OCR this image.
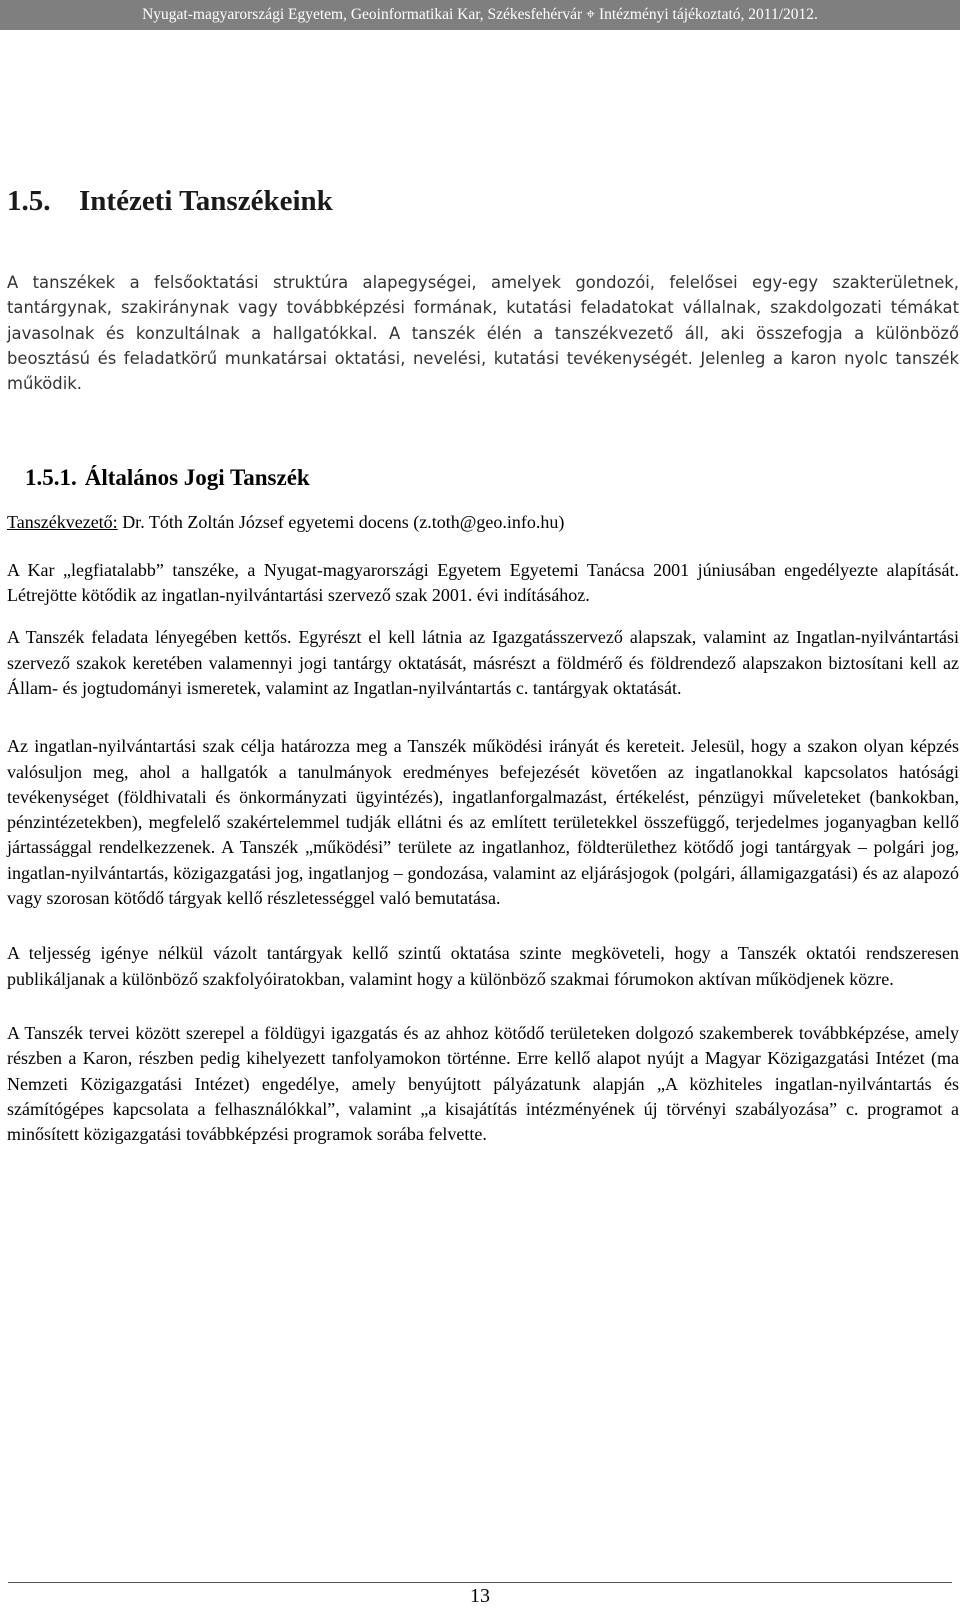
Nyugat-magyarországi Egyetem, Geoinformatikai Kar, Székesfehérvár ⌖ Intézményi tájékoztató, 2011/2012.
1.5. Intézeti Tanszékeink

A tanszékek a felsőoktatási struktúra alapegységei, amelyek gondozói, felelősei egy-egy szakterületnek, tantárgynak, szakiránynak vagy továbbképzési formának, kutatási feladatokat vállalnak, szakdolgozati témákat javasolnak és konzultálnak a hallgatókkal. A tanszék élén a tanszékvezető áll, aki összefogja a különböző beosztású és feladatkörű munkatársai oktatási, nevelési, kutatási tevékenységét. Jelenleg a karon nyolc tanszék működik.

1.5.1. Általános Jogi Tanszék

Tanszékvezető: Dr. Tóth Zoltán József egyetemi docens (z.toth@geo.info.hu)

A Kar „legfiatalabb” tanszéke, a Nyugat-magyarországi Egyetem Egyetemi Tanácsa 2001 júniusában engedélyezte alapítását. Létrejötte kötődik az ingatlan-nyilvántartási szervező szak 2001. évi indításához.

A Tanszék feladata lényegében kettős. Egyrészt el kell látnia az Igazgatásszervező alapszak, valamint az Ingatlan-nyilvántartási szervező szakok keretében valamennyi jogi tantárgy oktatását, másrészt a földmérő és földrendező alapszakon biztosítani kell az Állam- és jogtudományi ismeretek, valamint az Ingatlan-nyilvántartás c. tantárgyak oktatását.

Az ingatlan-nyilvántartási szak célja határozza meg a Tanszék működési irányát és kereteit. Jelesül, hogy a szakon olyan képzés valósuljon meg, ahol a hallgatók a tanulmányok eredményes befejezését követően az ingatlanokkal kapcsolatos hatósági tevékenységet (földhivatali és önkormányzati ügyintézés), ingatlanforgalmazást, értékelést, pénzügyi műveleteket (bankokban, pénzintézetekben), megfelelő szakértelemmel tudják ellátni és az említett területekkel összefüggő, terjedelmes joganyagban kellő jártassággal rendelkezzenek. A Tanszék „működési” területe az ingatlanhoz, földterülethez kötődő jogi tantárgyak – polgári jog, ingatlan-nyilvántartás, közigazgatási jog, ingatlanjog – gondozása, valamint az eljárásjogok (polgári, államigazgatási) és az alapozó vagy szorosan kötődő tárgyak kellő részletességgel való bemutatása.

A teljesség igénye nélkül vázolt tantárgyak kellő szintű oktatása szinte megköveteli, hogy a Tanszék oktatói rendszeresen publikáljanak a különböző szakfolyóiratokban, valamint hogy a különböző szakmai fórumokon aktívan működjenek közre.

A Tanszék tervei között szerepel a földügyi igazgatás és az ahhoz kötődő területeken dolgozó szakemberek továbbképzése, amely részben a Karon, részben pedig kihelyezett tanfolyamokon történne. Erre kellő alapot nyújt a Magyar Közigazgatási Intézet (ma Nemzeti Közigazgatási Intézet) engedélye, amely benyújtott pályázatunk alapján „A közhiteles ingatlan-nyilvántartás és számítógépes kapcsolata a felhasználókkal”, valamint „a kisajátítás intézményének új törvényi szabályozása” c. programot a minősített közigazgatási továbbképzési programok sorába felvette.

13
